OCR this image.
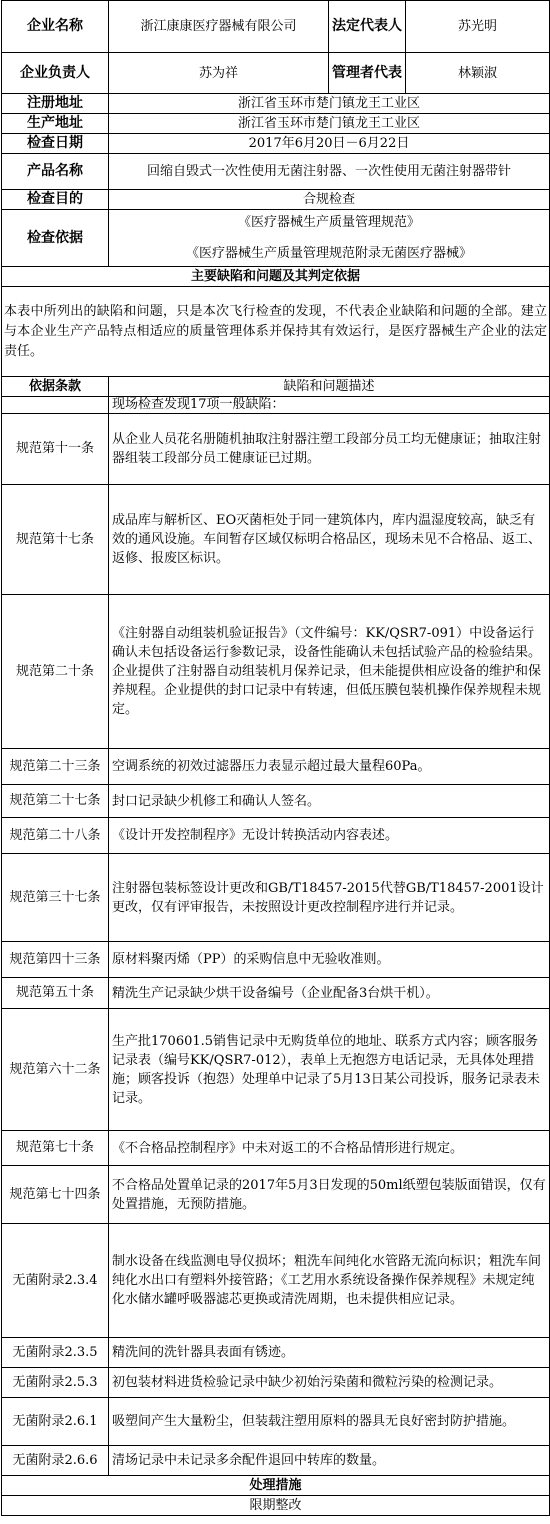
企业名称	浙江康康医疗器械有限公司	法定代表人	苏光明
企业负责人	苏为祥	管理者代表	林颖淑
注册地址	浙江省玉环市楚门镇龙王工业区		
生产地址	浙江省玉环市楚门镇龙王工业区		
检查日期	2017年6月20日－6月22日		
产品名称	回缩自毁式一次性使用无菌注射器、一次性使用无菌注射器带针		
检查目的	合规检查		
检查依据	《医疗器械生产质量管理规范》
《医疗器械生产质量管理规范附录无菌医疗器械》		

主要缺陷和问题及其判定依据			
本表中所列出的缺陷和问题，只是本次飞行检查的发现，不代表企业缺陷和问题的全部。建立与本企业生产产品特点相适应的质量管理体系并保持其有效运行，是医疗器械生产企业的法定责任。			
依据条款	缺陷和问题描述		
	现场检查发现17项一般缺陷：		
规范第十一条	从企业人员花名册随机抽取注射器注塑工段部分员工均无健康证；抽取注射器组装工段部分员工健康证已过期。		
规范第十七条	成品库与解析区、EO灭菌柜处于同一建筑体内，库内温湿度较高，缺乏有效的通风设施。车间暂存区域仅标明合格品区，现场未见不合格品、返工、返修、报废区标识。		
规范第二十条	《注射器自动组装机验证报告》（文件编号：KK/QSR7-091）中设备运行确认未包括设备运行参数记录，设备性能确认未包括试验产品的检验结果。企业提供了注射器自动组装机月保养记录，但未能提供相应设备的维护和保养规程。企业提供的封口记录中有转速，但低压膜包装机操作保养规程未规定。		
规范第二十三条	空调系统的初效过滤器压力表显示超过最大量程60Pa。		
规范第二十七条	封口记录缺少机修工和确认人签名。		
规范第二十八条	《设计开发控制程序》无设计转换活动内容表述。		
规范第三十七条	注射器包装标签设计更改和GB/T18457-2015代替GB/T18457-2001设计更改，仅有评审报告，未按照设计更改控制程序进行并记录。		
规范第四十三条	原材料聚丙烯（PP）的采购信息中无验收准则。		
规范第五十条	精洗生产记录缺少烘干设备编号（企业配备3台烘干机）。		
规范第六十二条	生产批170601.5销售记录中无购货单位的地址、联系方式内容；顾客服务记录表（编号KK/QSR7-012），表单上无抱怨方电话记录，无具体处理措施；顾客投诉（抱怨）处理单中记录了5月13日某公司投诉，服务记录表未记录。		
规范第七十条	《不合格品控制程序》中未对返工的不合格品情形进行规定。		
规范第七十四条	不合格品处置单记录的2017年5月3日发现的50ml纸塑包装版面错误，仅有处置措施，无预防措施。		
无菌附录2.3.4	制水设备在线监测电导仪损坏；粗洗车间纯化水管路无流向标识；粗洗车间纯化水出口有塑料外接管路；《工艺用水系统设备操作保养规程》未规定纯化水储水罐呼吸器滤芯更换或清洗周期，也未提供相应记录。		
无菌附录2.3.5	精洗间的洗针器具表面有锈迹。		
无菌附录2.5.3	初包装材料进货检验记录中缺少初始污染菌和微粒污染的检测记录。		
无菌附录2.6.1	吸塑间产生大量粉尘，但装载注塑用原料的器具无良好密封防护措施。		
无菌附录2.6.6	清场记录中未记录多余配件退回中转库的数量。		
处理措施			
限期整改			
